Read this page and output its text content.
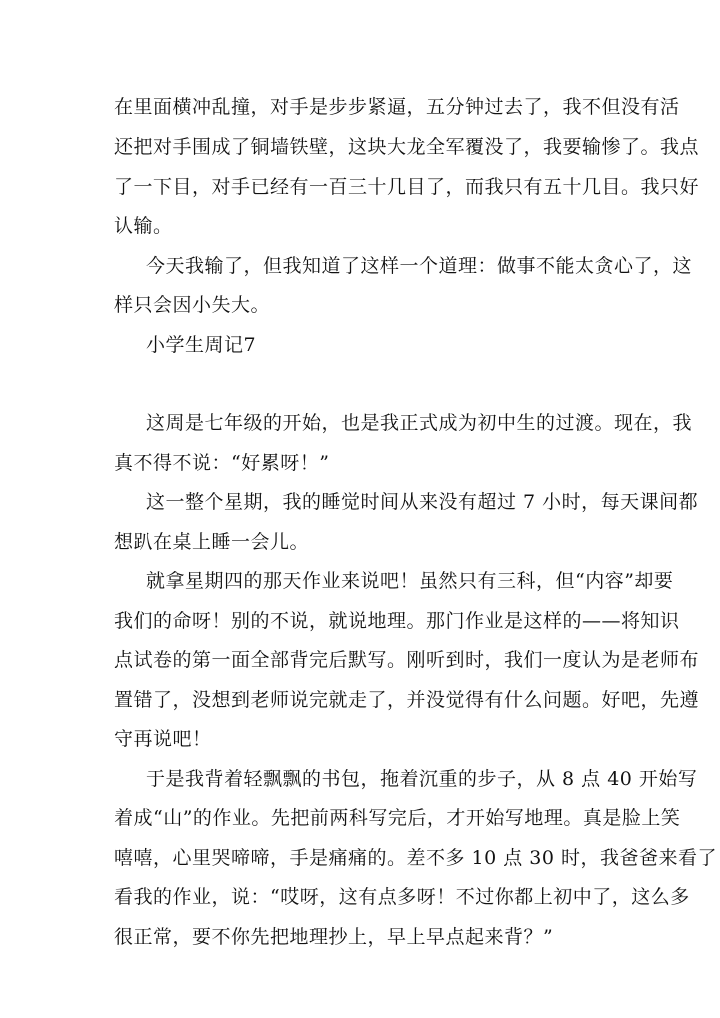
在里面横冲乱撞，对手是步步紧逼，五分钟过去了，我不但没有活
还把对手围成了铜墙铁壁，这块大龙全军覆没了，我要输惨了。我点
了一下目，对手已经有一百三十几目了，而我只有五十几目。我只好
认输。
今天我输了，但我知道了这样一个道理：做事不能太贪心了，这
样只会因小失大。
小学生周记7
这周是七年级的开始，也是我正式成为初中生的过渡。现在，我
真不得不说：“好累呀！”
这一整个星期，我的睡觉时间从来没有超过 7 小时，每天课间都
想趴在桌上睡一会儿。
就拿星期四的那天作业来说吧！虽然只有三科，但“内容”却要
我们的命呀！别的不说，就说地理。那门作业是这样的——将知识
点试卷的第一面全部背完后默写。刚听到时，我们一度认为是老师布
置错了，没想到老师说完就走了，并没觉得有什么问题。好吧，先遵
守再说吧！
于是我背着轻飘飘的书包，拖着沉重的步子，从 8 点 40 开始写
着成“山”的作业。先把前两科写完后，才开始写地理。真是脸上笑
嘻嘻，心里哭啼啼，手是痛痛的。差不多 10 点 30 时，我爸爸来看了
看我的作业，说：“哎呀，这有点多呀！不过你都上初中了，这么多
很正常，要不你先把地理抄上，早上早点起来背？”
